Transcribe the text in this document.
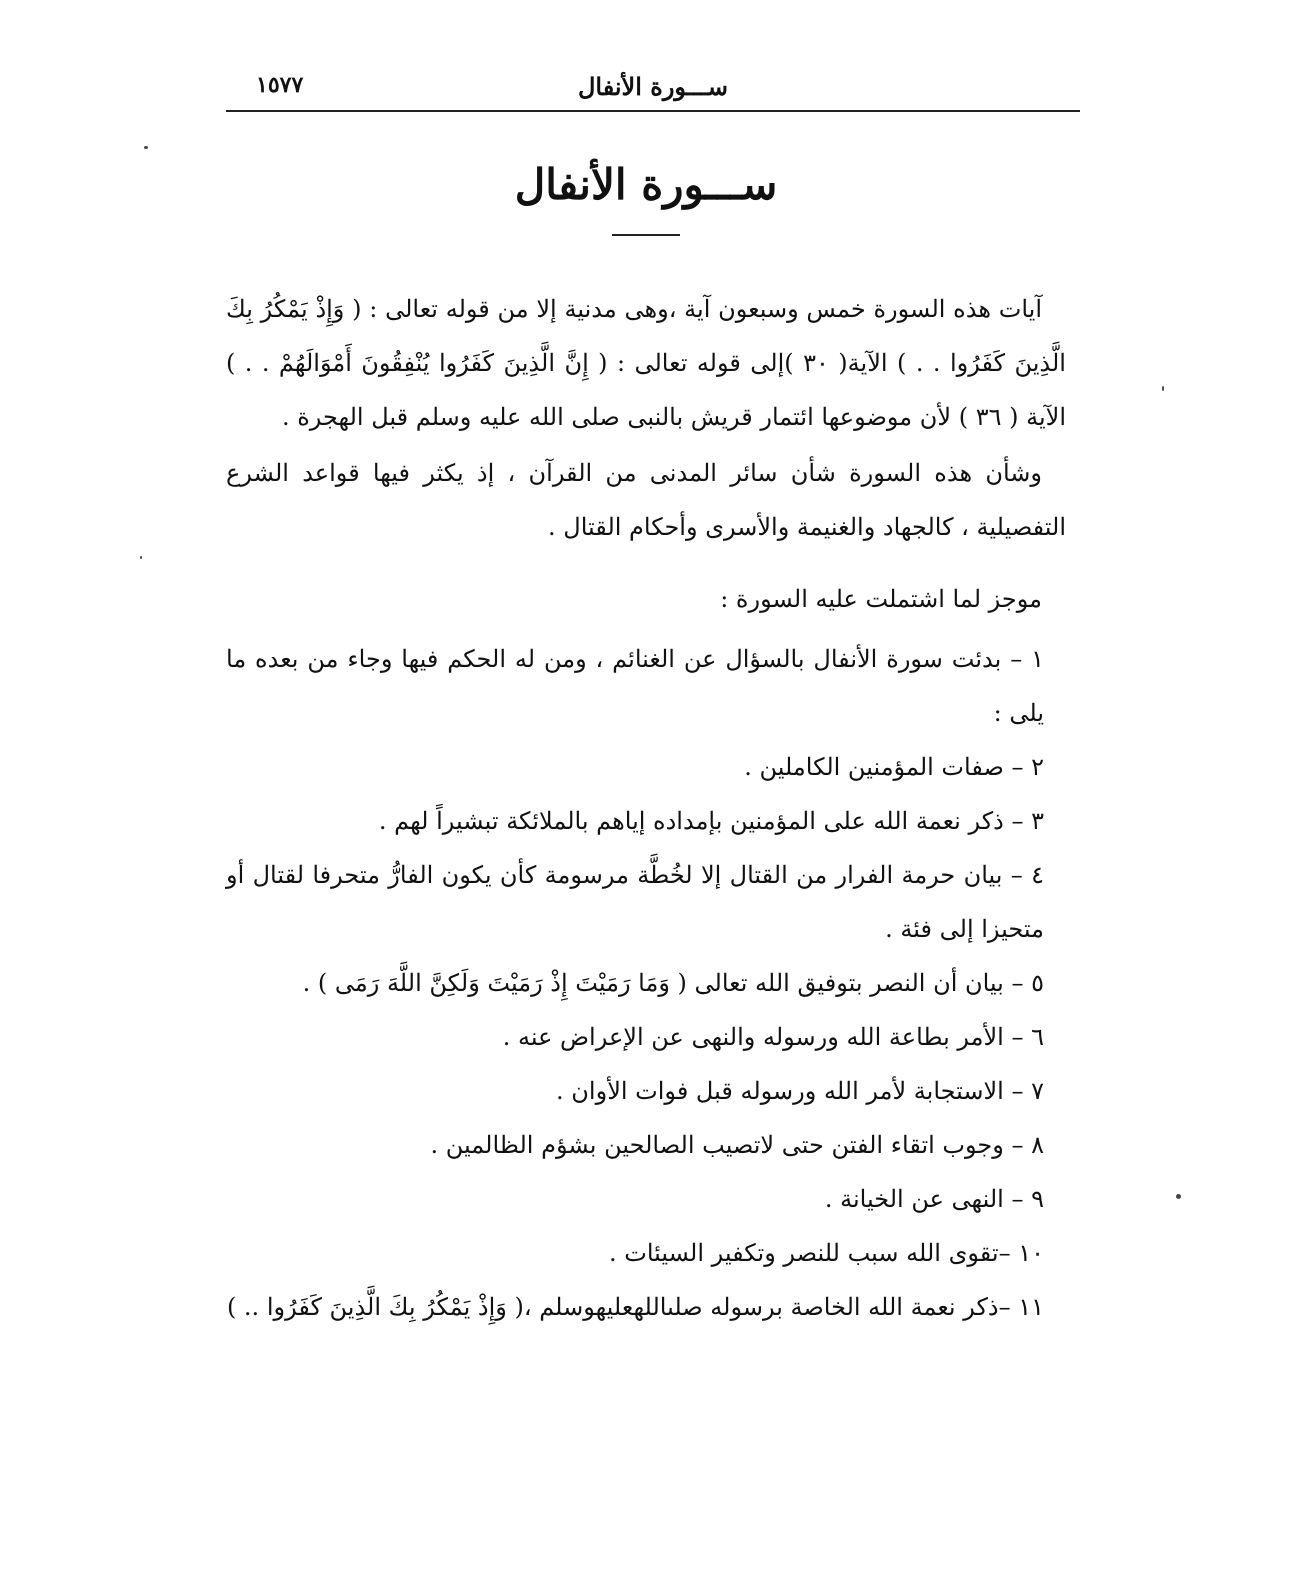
ســـورة الأنفال
١٥٧٧
ســـورة الأنفال

آيات هذه السورة خمس وسبعون آية ،وهى مدنية إلا من قوله تعالى : ( وَإِذْ يَمْكُرُ بِكَ الَّذِينَ كَفَرُوا . . ) الآية( ٣٠ )إلى قوله تعالى : ( إِنَّ الَّذِينَ كَفَرُوا يُنْفِقُونَ أَمْوَالَهُمْ . . ) الآية ( ٣٦ ) لأن موضوعها ائتمار قريش بالنبى صلى الله عليه وسلم قبل الهجرة .

وشأن هذه السورة شأن سائر المدنى من القرآن ، إذ يكثر فيها قواعد الشرع التفصيلية ، كالجهاد والغنيمة والأسرى وأحكام القتال .

موجز لما اشتملت عليه السورة :

١ – بدئت سورة الأنفال بالسؤال عن الغنائم ، ومن له الحكم فيها وجاء من بعده ما يلى :

٢ – صفات المؤمنين الكاملين .

٣ – ذكر نعمة الله على المؤمنين بإمداده إياهم بالملائكة تبشيراً لهم .

٤ – بيان حرمة الفرار من القتال إلا لخُطَّة مرسومة كأن يكون الفارُّ متحرفا لقتال أو متحيزا إلى فئة .

٥ – بيان أن النصر بتوفيق الله تعالى ( وَمَا رَمَيْتَ إِذْ رَمَيْتَ وَلَكِنَّ اللَّهَ رَمَى ) .

٦ – الأمر بطاعة الله ورسوله والنهى عن الإعراض عنه .

٧ – الاستجابة لأمر الله ورسوله قبل فوات الأوان .

٨ – وجوب اتقاء الفتن حتى لاتصيب الصالحين بشؤم الظالمين .

٩ – النهى عن الخيانة .

١٠ –تقوى الله سبب للنصر وتكفير السيئات .

١١ –ذكر نعمة الله الخاصة برسوله صلىاللهعليهوسلم ،( وَإِذْ يَمْكُرُ بِكَ الَّذِينَ كَفَرُوا .. )
